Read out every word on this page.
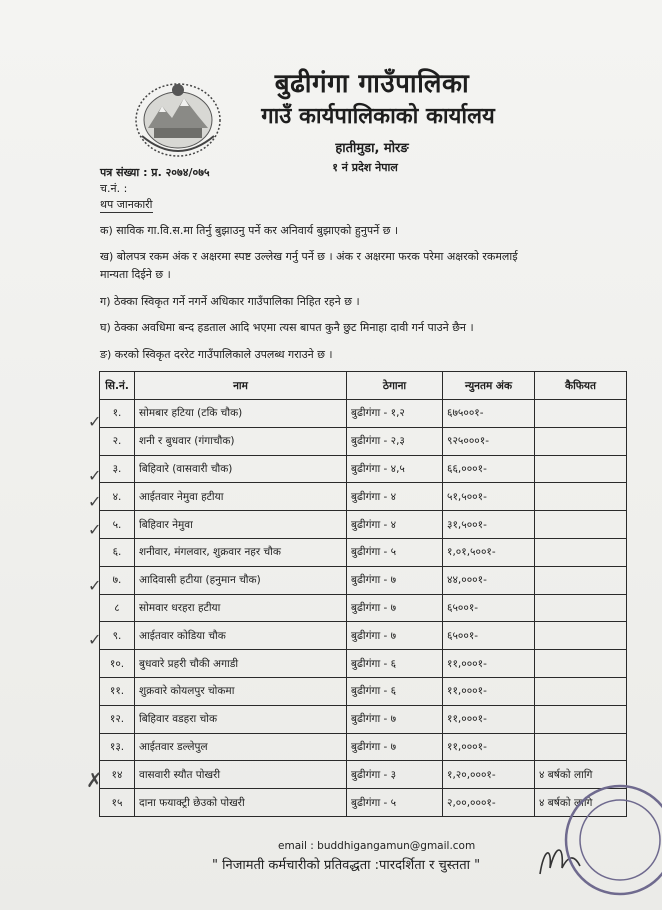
बुढीगंगा गाउँपालिका
गाउँ कार्यपालिकाको कार्यालय
हातीमुडा, मोरङ
१ नं प्रदेश नेपाल
पत्र संख्या : प्र. २०७४/०७५
च.नं. :
थप जानकारी
क) साविक गा.वि.स.मा तिर्नु बुझाउनु पर्ने कर अनिवार्य बुझाएको हुनुपर्ने छ ।
ख) बोलपत्र रकम अंक र अक्षरमा स्पष्ट उल्लेख गर्नु पर्ने छ । अंक र अक्षरमा फरक परेमा अक्षरको रकमलाई
मान्यता दिईने छ ।
ग) ठेक्का स्विकृत गर्ने नगर्ने अधिकार गाउँपालिका निहित रहने छ ।
घ) ठेक्का अवधिमा बन्द हडताल आदि भएमा त्यस बापत कुनै छुट मिनाहा दावी गर्न पाउने छैन ।
ङ) करको स्विकृत दररेट गाउँपालिकाले उपलब्ध गराउने छ ।
सि.नं.	नाम	ठेगाना	न्युनतम अंक	कैफियत
१.	सोमबार हटिया (टकि चौक)	बुढीगंगा - १,२	६७५००१-	
२.	शनी र बुधवार (गंगाचौक)	बुढीगंगा - २,३	९२५०००१-	
३.	बिहिवारे (वासवारी चौक)	बुढीगंगा - ४,५	६६,०००१-	
४.	आईतवार नेमुवा हटीया	बुढीगंगा - ४	५१,५००१-	
५.	बिहिवार नेमुवा	बुढीगंगा - ४	३१,५००१-	
६.	शनीवार, मंगलवार, शुक्रवार नहर चौक	बुढीगंगा - ५	१,०१,५००१-	
७.	आदिवासी हटीया (हनुमान चौक)	बुढीगंगा - ७	४४,०००१-	
८	सोमवार धरहरा हटीया	बुढीगंगा - ७	६५००१-	
९.	आईतवार कोडिया चौक	बुढीगंगा - ७	६५००१-	
१०.	बुधवारे प्रहरी चौकी अगाडी	बुढीगंगा - ६	११,०००१-	
११.	शुक्रवारे कोयलपुर चोकमा	बुढीगंगा - ६	११,०००१-	
१२.	बिहिवार वडहरा चोक	बुढीगंगा - ७	११,०००१-	
१३.	आईतवार डल्लेपुल	बुढीगंगा - ७	११,०००१-	
१४	वासवारी स्यौत पोखरी	बुढीगंगा - ३	१,२०,०००१-	४ बर्षको लागि
१५	दाना फयाक्ट्री छेउको पोखरी	बुढीगंगा - ५	२,००,०००१-	४ बर्षको लागि
✓
✓
✓
✓
✓
✓
✗
email : buddhigangamun@gmail.com
" निजामती कर्मचारीको प्रतिवद्धता :पारदर्शिता र चुस्तता "
